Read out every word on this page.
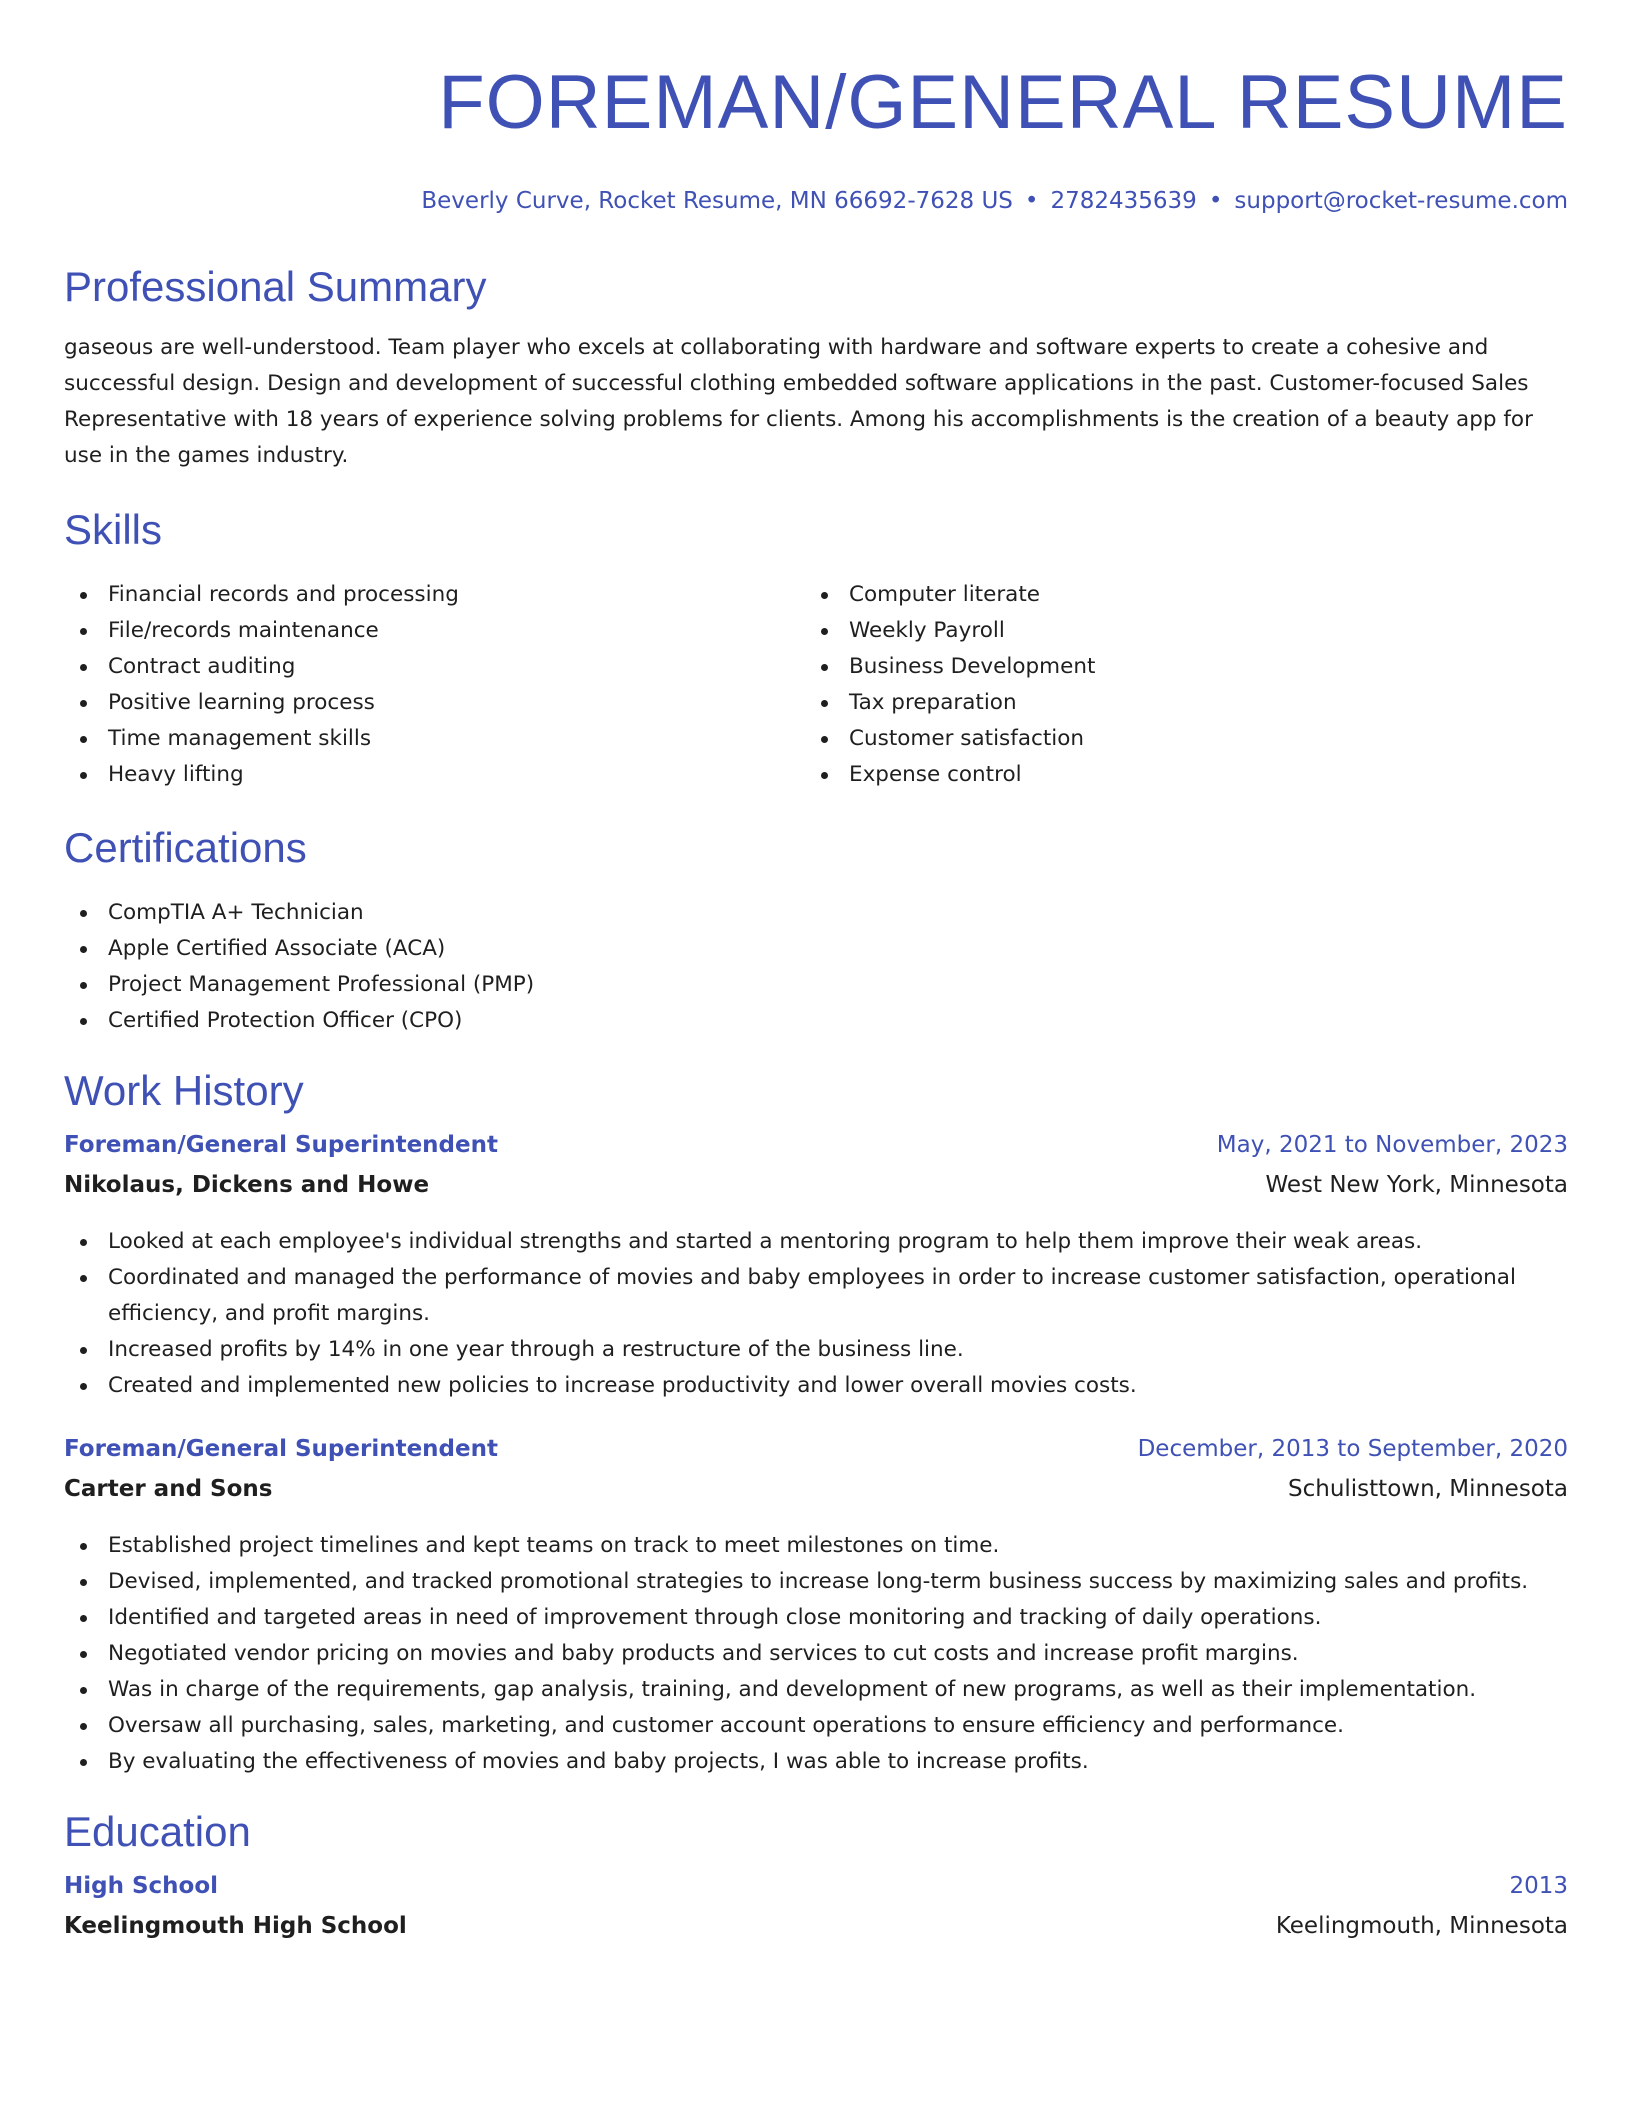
FOREMAN/GENERAL RESUME
Beverly Curve, Rocket Resume, MN 66692-7628 US • 2782435639 • support@rocket-resume.com
Professional Summary
gaseous are well-understood. Team player who excels at collaborating with hardware and software experts to create a cohesive and successful design. Design and development of successful clothing embedded software applications in the past. Customer-focused Sales Representative with 18 years of experience solving problems for clients. Among his accomplishments is the creation of a beauty app for use in the games industry.
Skills
Financial records and processing
File/records maintenance
Contract auditing
Positive learning process
Time management skills
Heavy lifting
Computer literate
Weekly Payroll
Business Development
Tax preparation
Customer satisfaction
Expense control
Certifications
CompTIA A+ Technician
Apple Certified Associate (ACA)
Project Management Professional (PMP)
Certified Protection Officer (CPO)
Work History
Foreman/General Superintendent	May, 2021 to November, 2023
Nikolaus, Dickens and Howe	West New York, Minnesota
Looked at each employee's individual strengths and started a mentoring program to help them improve their weak areas.
Coordinated and managed the performance of movies and baby employees in order to increase customer satisfaction, operational efficiency, and profit margins.
Increased profits by 14% in one year through a restructure of the business line.
Created and implemented new policies to increase productivity and lower overall movies costs.
Foreman/General Superintendent	December, 2013 to September, 2020
Carter and Sons	Schulisttown, Minnesota
Established project timelines and kept teams on track to meet milestones on time.
Devised, implemented, and tracked promotional strategies to increase long-term business success by maximizing sales and profits.
Identified and targeted areas in need of improvement through close monitoring and tracking of daily operations.
Negotiated vendor pricing on movies and baby products and services to cut costs and increase profit margins.
Was in charge of the requirements, gap analysis, training, and development of new programs, as well as their implementation.
Oversaw all purchasing, sales, marketing, and customer account operations to ensure efficiency and performance.
By evaluating the effectiveness of movies and baby projects, I was able to increase profits.
Education
High School	2013
Keelingmouth High School	Keelingmouth, Minnesota
